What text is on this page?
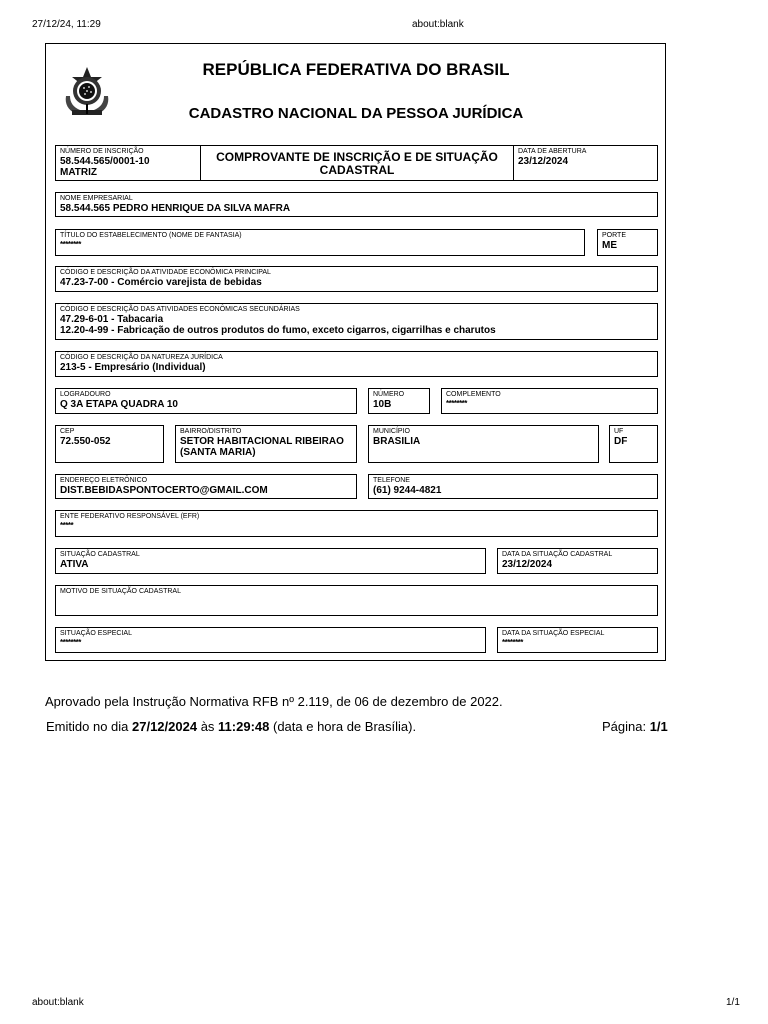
27/12/24, 11:29	about:blank
REPÚBLICA FEDERATIVA DO BRASIL
CADASTRO NACIONAL DA PESSOA JURÍDICA
NÚMERO DE INSCRIÇÃO
58.544.565/0001-10
MATRIZ
COMPROVANTE DE INSCRIÇÃO E DE SITUAÇÃO
CADASTRAL
DATA DE ABERTURA
23/12/2024
NOME EMPRESARIAL
58.544.565 PEDRO HENRIQUE DA SILVA MAFRA
TÍTULO DO ESTABELECIMENTO (NOME DE FANTASIA)
********
PORTE
ME
CÓDIGO E DESCRIÇÃO DA ATIVIDADE ECONÔMICA PRINCIPAL
47.23-7-00 - Comércio varejista de bebidas
CÓDIGO E DESCRIÇÃO DAS ATIVIDADES ECONÔMICAS SECUNDÁRIAS
47.29-6-01 - Tabacaria
12.20-4-99 - Fabricação de outros produtos do fumo, exceto cigarros, cigarrilhas e charutos
CÓDIGO E DESCRIÇÃO DA NATUREZA JURÍDICA
213-5 - Empresário (Individual)
LOGRADOURO
Q 3A ETAPA QUADRA 10
NÚMERO
10B
COMPLEMENTO
********
CEP
72.550-052
BAIRRO/DISTRITO
SETOR HABITACIONAL RIBEIRAO
(SANTA MARIA)
MUNICÍPIO
BRASILIA
UF
DF
ENDEREÇO ELETRÔNICO
DIST.BEBIDASPONTOCERTO@GMAIL.COM
TELEFONE
(61) 9244-4821
ENTE FEDERATIVO RESPONSÁVEL (EFR)
*****
SITUAÇÃO CADASTRAL
ATIVA
DATA DA SITUAÇÃO CADASTRAL
23/12/2024
MOTIVO DE SITUAÇÃO CADASTRAL
SITUAÇÃO ESPECIAL
********
DATA DA SITUAÇÃO ESPECIAL
********
Aprovado pela Instrução Normativa RFB nº 2.119, de 06 de dezembro de 2022.
Emitido no dia 27/12/2024 às 11:29:48 (data e hora de Brasília).	Página: 1/1
about:blank	1/1
